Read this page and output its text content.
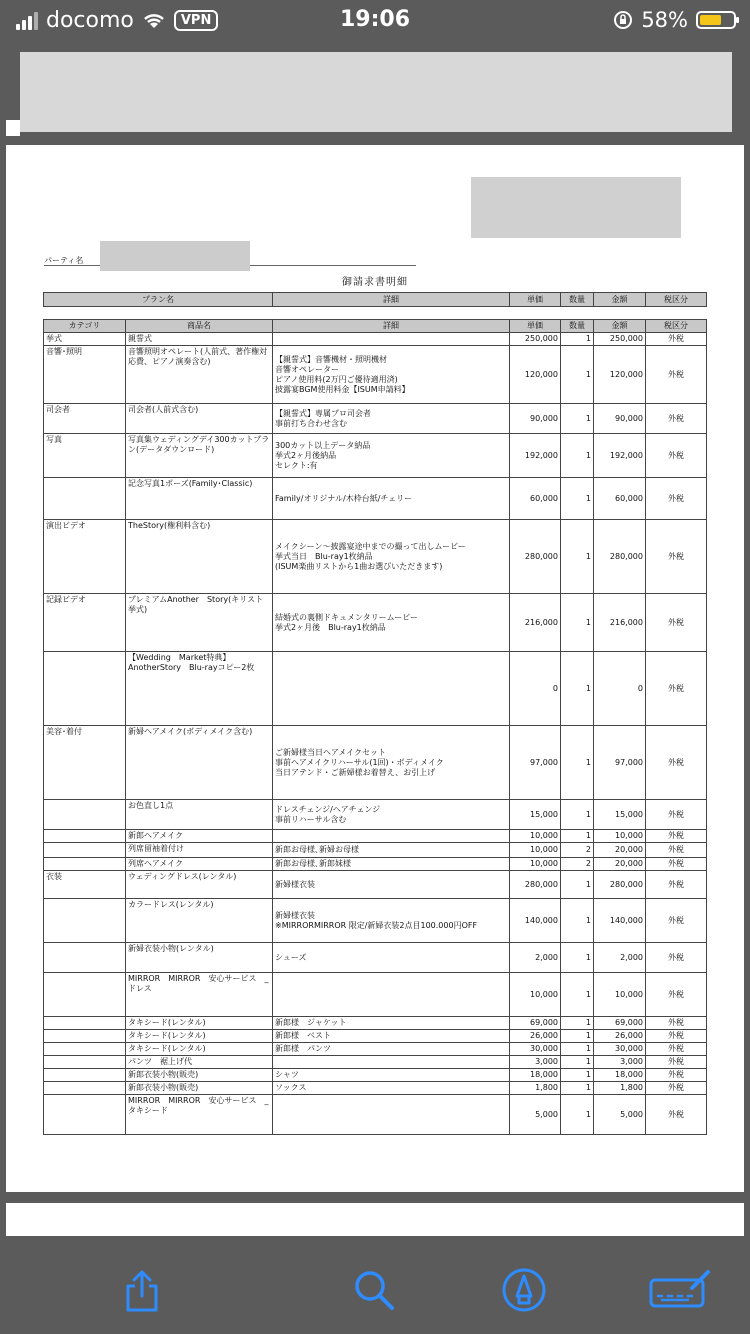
docomo	VPN	19:06	58%
パーティ名
御請求書明細
プラン名	詳細	単価	数量	金額	税区分
カテゴリ	商品名	詳細	単価	数量	金額	税区分
挙式	親誓式		250,000	1	250,000	外税
音響･照明	音響照明オペレート(人前式、著作権対応費、ピアノ演奏含む)	【親誓式】音響機材・照明機材
音響オペレーター
ピアノ使用料(2万円ご優待適用済)
披露宴BGM使用料金【ISUM申請料】	120,000	1	120,000	外税
司会者	司会者(人前式含む)	【親誓式】専属プロ司会者
事前打ち合わせ含む	90,000	1	90,000	外税
写真	写真集ウェディングデイ300カットプラン(データダウンロード)	300カット以上データ納品
挙式2ヶ月後納品
セレクト:有	192,000	1	192,000	外税
	記念写真1ポーズ(Family･Classic)	Family/オリジナル/木枠台紙/チェリー	60,000	1	60,000	外税
演出ビデオ	TheStory(権利料含む)	メイクシーン～披露宴途中までの撮って出しムービー
挙式当日　Blu-ray1枚納品
(ISUM楽曲リストから1曲お選びいただきます)	280,000	1	280,000	外税
記録ビデオ	プレミアムAnother　Story(キリスト挙式)	結婚式の裏側ドキュメンタリームービー
挙式2ヶ月後　Blu-ray1枚納品	216,000	1	216,000	外税
	【Wedding　Market特典】AnotherStory　Blu-rayコピー2枚		0	1	0	外税
美容･着付	新婦ヘアメイク(ボディメイク含む)	ご新婦様当日ヘアメイクセット
事前ヘアメイクリハーサル(1回)・ボディメイク
当日アテンド・ご新婦様お着替え、お引上げ	97,000	1	97,000	外税
	お色直し1点	ドレスチェンジ/ヘアチェンジ
事前リハーサル含む	15,000	1	15,000	外税
	新郎ヘアメイク		10,000	1	10,000	外税
	列席留袖着付け	新郎お母様､新婦お母様	10,000	2	20,000	外税
	列席ヘアメイク	新郎お母様､新郎妹様	10,000	2	20,000	外税
衣装	ウェディングドレス(レンタル)	新婦様衣装	280,000	1	280,000	外税
	カラードレス(レンタル)	新婦様衣装
※MIRRORMIRROR 限定/新婦衣装2点目100.000円OFF	140,000	1	140,000	外税
	新婦衣装小物(レンタル)	シューズ	2,000	1	2,000	外税
	MIRROR　MIRROR　安心サービス　_ドレス		10,000	1	10,000	外税
	タキシード(レンタル)	新郎様　ジャケット	69,000	1	69,000	外税
	タキシード(レンタル)	新郎様　ベスト	26,000	1	26,000	外税
	タキシード(レンタル)	新郎様　パンツ	30,000	1	30,000	外税
	パンツ　裾上げ代		3,000	1	3,000	外税
	新郎衣装小物(販売)	シャツ	18,000	1	18,000	外税
	新郎衣装小物(販売)	ソックス	1,800	1	1,800	外税
	MIRROR　MIRROR　安心サービス　_タキシード		5,000	1	5,000	外税
